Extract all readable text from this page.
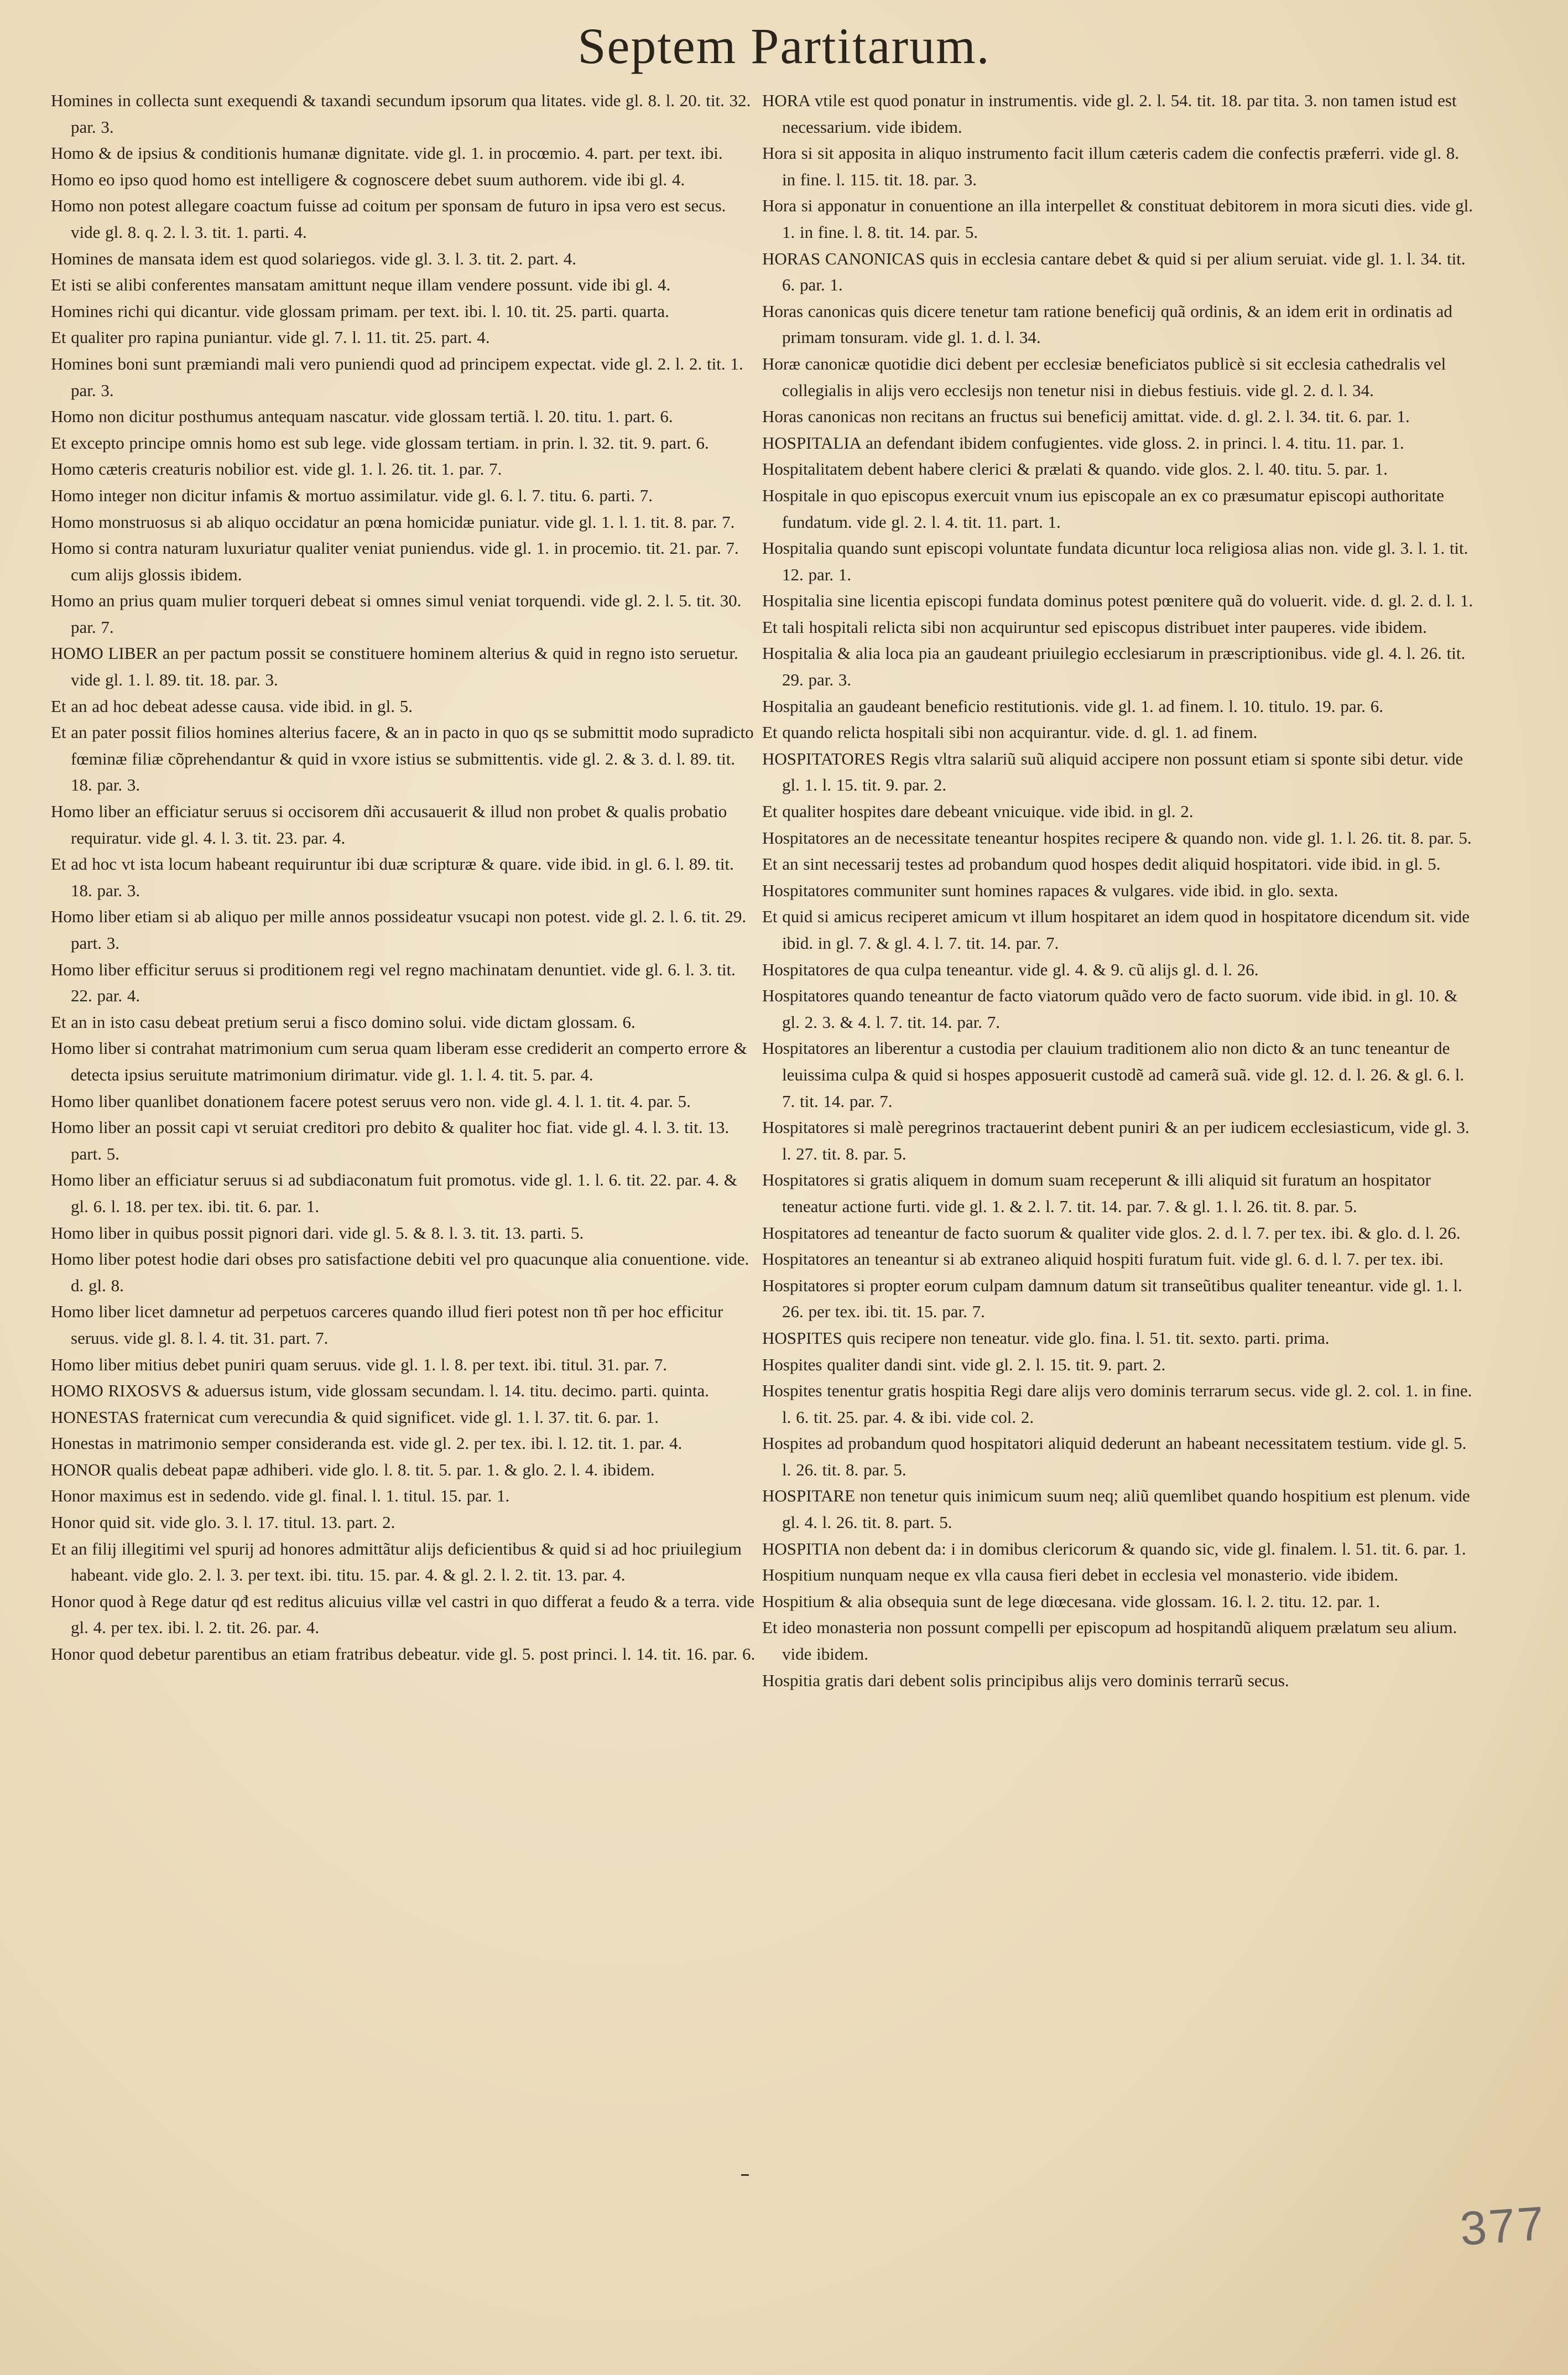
Septem Partitarum.

Homines in collecta sunt exequendi & taxandi secundum ipsorum qua litates. vide gl. 8. l. 20. tit. 32. par. 3.

Homo & de ipsius & conditionis humanæ dignitate. vide gl. 1. in procœmio. 4. part. per text. ibi.

Homo eo ipso quod homo est intelligere & cognoscere debet suum authorem. vide ibi gl. 4.

Homo non potest allegare coactum fuisse ad coitum per sponsam de futuro in ipsa vero est secus. vide gl. 8. q. 2. l. 3. tit. 1. parti. 4.

Homines de mansata idem est quod solariegos. vide gl. 3. l. 3. tit. 2. part. 4.

Et isti se alibi conferentes mansatam amittunt neque illam vendere possunt. vide ibi gl. 4.

Homines richi qui dicantur. vide glossam primam. per text. ibi. l. 10. tit. 25. parti. quarta.

Et qualiter pro rapina puniantur. vide gl. 7. l. 11. tit. 25. part. 4.

Homines boni sunt præmiandi mali vero puniendi quod ad principem expectat. vide gl. 2. l. 2. tit. 1. par. 3.

Homo non dicitur posthumus antequam nascatur. vide glossam tertiã. l. 20. titu. 1. part. 6.

Et excepto principe omnis homo est sub lege. vide glossam tertiam. in prin. l. 32. tit. 9. part. 6.

Homo cæteris creaturis nobilior est. vide gl. 1. l. 26. tit. 1. par. 7.

Homo integer non dicitur infamis & mortuo assimilatur. vide gl. 6. l. 7. titu. 6. parti. 7.

Homo monstruosus si ab aliquo occidatur an pœna homicidæ puniatur. vide gl. 1. l. 1. tit. 8. par. 7.

Homo si contra naturam luxuriatur qualiter veniat puniendus. vide gl. 1. in procemio. tit. 21. par. 7. cum alijs glossis ibidem.

Homo an prius quam mulier torqueri debeat si omnes simul veniat torquendi. vide gl. 2. l. 5. tit. 30. par. 7.

HOMO LIBER an per pactum possit se constituere hominem alterius & quid in regno isto seruetur. vide gl. 1. l. 89. tit. 18. par. 3.

Et an ad hoc debeat adesse causa. vide ibid. in gl. 5.

Et an pater possit filios homines alterius facere, & an in pacto in quo qs se submittit modo supradicto fœminæ filiæ cõprehendantur & quid in vxore istius se submittentis. vide gl. 2. & 3. d. l. 89. tit. 18. par. 3.

Homo liber an efficiatur seruus si occisorem dñi accusauerit & illud non probet & qualis probatio requiratur. vide gl. 4. l. 3. tit. 23. par. 4.

Et ad hoc vt ista locum habeant requiruntur ibi duæ scripturæ & quare. vide ibid. in gl. 6. l. 89. tit. 18. par. 3.

Homo liber etiam si ab aliquo per mille annos possideatur vsucapi non potest. vide gl. 2. l. 6. tit. 29. part. 3.

Homo liber efficitur seruus si proditionem regi vel regno machinatam denuntiet. vide gl. 6. l. 3. tit. 22. par. 4.

Et an in isto casu debeat pretium serui a fisco domino solui. vide dictam glossam. 6.

Homo liber si contrahat matrimonium cum serua quam liberam esse crediderit an comperto errore & detecta ipsius seruitute matrimonium dirimatur. vide gl. 1. l. 4. tit. 5. par. 4.

Homo liber quanlibet donationem facere potest seruus vero non. vide gl. 4. l. 1. tit. 4. par. 5.

Homo liber an possit capi vt seruiat creditori pro debito & qualiter hoc fiat. vide gl. 4. l. 3. tit. 13. part. 5.

Homo liber an efficiatur seruus si ad subdiaconatum fuit promotus. vide gl. 1. l. 6. tit. 22. par. 4. & gl. 6. l. 18. per tex. ibi. tit. 6. par. 1.

Homo liber in quibus possit pignori dari. vide gl. 5. & 8. l. 3. tit. 13. parti. 5.

Homo liber potest hodie dari obses pro satisfactione debiti vel pro quacunque alia conuentione. vide. d. gl. 8.

Homo liber licet damnetur ad perpetuos carceres quando illud fieri potest non tñ per hoc efficitur seruus. vide gl. 8. l. 4. tit. 31. part. 7.

Homo liber mitius debet puniri quam seruus. vide gl. 1. l. 8. per text. ibi. titul. 31. par. 7.

HOMO RIXOSVS & aduersus istum, vide glossam secundam. l. 14. titu. decimo. parti. quinta.

HONESTAS fraternicat cum verecundia & quid significet. vide gl. 1. l. 37. tit. 6. par. 1.

Honestas in matrimonio semper consideranda est. vide gl. 2. per tex. ibi. l. 12. tit. 1. par. 4.

HONOR qualis debeat papæ adhiberi. vide glo. l. 8. tit. 5. par. 1. & glo. 2. l. 4. ibidem.

Honor maximus est in sedendo. vide gl. final. l. 1. titul. 15. par. 1.

Honor quid sit. vide glo. 3. l. 17. titul. 13. part. 2.

Et an filij illegitimi vel spurij ad honores admittãtur alijs deficientibus & quid si ad hoc priuilegium habeant. vide glo. 2. l. 3. per text. ibi. titu. 15. par. 4. & gl. 2. l. 2. tit. 13. par. 4.

Honor quod à Rege datur qđ est reditus alicuius villæ vel castri in quo differat a feudo & a terra. vide gl. 4. per tex. ibi. l. 2. tit. 26. par. 4.

Honor quod debetur parentibus an etiam fratribus debeatur. vide gl. 5. post princi. l. 14. tit. 16. par. 6.

HORA vtile est quod ponatur in instrumentis. vide gl. 2. l. 54. tit. 18. par tita. 3. non tamen istud est necessarium. vide ibidem.

Hora si sit apposita in aliquo instrumento facit illum cæteris cadem die confectis præferri. vide gl. 8. in fine. l. 115. tit. 18. par. 3.

Hora si apponatur in conuentione an illa interpellet & constituat debitorem in mora sicuti dies. vide gl. 1. in fine. l. 8. tit. 14. par. 5.

HORAS CANONICAS quis in ecclesia cantare debet & quid si per alium seruiat. vide gl. 1. l. 34. tit. 6. par. 1.

Horas canonicas quis dicere tenetur tam ratione beneficij quã ordinis, & an idem erit in ordinatis ad primam tonsuram. vide gl. 1. d. l. 34.

Horæ canonicæ quotidie dici debent per ecclesiæ beneficiatos publicè si sit ecclesia cathedralis vel collegialis in alijs vero ecclesijs non tenetur nisi in diebus festiuis. vide gl. 2. d. l. 34.

Horas canonicas non recitans an fructus sui beneficij amittat. vide. d. gl. 2. l. 34. tit. 6. par. 1.

HOSPITALIA an defendant ibidem confugientes. vide gloss. 2. in princi. l. 4. titu. 11. par. 1.

Hospitalitatem debent habere clerici & prælati & quando. vide glos. 2. l. 40. titu. 5. par. 1.

Hospitale in quo episcopus exercuit vnum ius episcopale an ex co præsumatur episcopi authoritate fundatum. vide gl. 2. l. 4. tit. 11. part. 1.

Hospitalia quando sunt episcopi voluntate fundata dicuntur loca religiosa alias non. vide gl. 3. l. 1. tit. 12. par. 1.

Hospitalia sine licentia episcopi fundata dominus potest pœnitere quã do voluerit. vide. d. gl. 2. d. l. 1.

Et tali hospitali relicta sibi non acquiruntur sed episcopus distribuet inter pauperes. vide ibidem.

Hospitalia & alia loca pia an gaudeant priuilegio ecclesiarum in præscriptionibus. vide gl. 4. l. 26. tit. 29. par. 3.

Hospitalia an gaudeant beneficio restitutionis. vide gl. 1. ad finem. l. 10. titulo. 19. par. 6.

Et quando relicta hospitali sibi non acquirantur. vide. d. gl. 1. ad finem.

HOSPITATORES Regis vltra salariũ suũ aliquid accipere non possunt etiam si sponte sibi detur. vide gl. 1. l. 15. tit. 9. par. 2.

Et qualiter hospites dare debeant vnicuique. vide ibid. in gl. 2.

Hospitatores an de necessitate teneantur hospites recipere & quando non. vide gl. 1. l. 26. tit. 8. par. 5.

Et an sint necessarij testes ad probandum quod hospes dedit aliquid hospitatori. vide ibid. in gl. 5.

Hospitatores communiter sunt homines rapaces & vulgares. vide ibid. in glo. sexta.

Et quid si amicus reciperet amicum vt illum hospitaret an idem quod in hospitatore dicendum sit. vide ibid. in gl. 7. & gl. 4. l. 7. tit. 14. par. 7.

Hospitatores de qua culpa teneantur. vide gl. 4. & 9. cũ alijs gl. d. l. 26.

Hospitatores quando teneantur de facto viatorum quãdo vero de facto suorum. vide ibid. in gl. 10. & gl. 2. 3. & 4. l. 7. tit. 14. par. 7.

Hospitatores an liberentur a custodia per clauium traditionem alio non dicto & an tunc teneantur de leuissima culpa & quid si hospes apposuerit custodẽ ad camerã suã. vide gl. 12. d. l. 26. & gl. 6. l. 7. tit. 14. par. 7.

Hospitatores si malè peregrinos tractauerint debent puniri & an per iudicem ecclesiasticum, vide gl. 3. l. 27. tit. 8. par. 5.

Hospitatores si gratis aliquem in domum suam receperunt & illi aliquid sit furatum an hospitator teneatur actione furti. vide gl. 1. & 2. l. 7. tit. 14. par. 7. & gl. 1. l. 26. tit. 8. par. 5.

Hospitatores ad teneantur de facto suorum & qualiter vide glos. 2. d. l. 7. per tex. ibi. & glo. d. l. 26.

Hospitatores an teneantur si ab extraneo aliquid hospiti furatum fuit. vide gl. 6. d. l. 7. per tex. ibi.

Hospitatores si propter eorum culpam damnum datum sit transeũtibus qualiter teneantur. vide gl. 1. l. 26. per tex. ibi. tit. 15. par. 7.

HOSPITES quis recipere non teneatur. vide glo. fina. l. 51. tit. sexto. parti. prima.

Hospites qualiter dandi sint. vide gl. 2. l. 15. tit. 9. part. 2.

Hospites tenentur gratis hospitia Regi dare alijs vero dominis terrarum secus. vide gl. 2. col. 1. in fine. l. 6. tit. 25. par. 4. & ibi. vide col. 2.

Hospites ad probandum quod hospitatori aliquid dederunt an habeant necessitatem testium. vide gl. 5. l. 26. tit. 8. par. 5.

HOSPITARE non tenetur quis inimicum suum neq; aliũ quemlibet quando hospitium est plenum. vide gl. 4. l. 26. tit. 8. part. 5.

HOSPITIA non debent da: i in domibus clericorum & quando sic, vide gl. finalem. l. 51. tit. 6. par. 1.

Hospitium nunquam neque ex vlla causa fieri debet in ecclesia vel monasterio. vide ibidem.

Hospitium & alia obsequia sunt de lege diœcesana. vide glossam. 16. l. 2. titu. 12. par. 1.

Et ideo monasteria non possunt compelli per episcopum ad hospitandũ aliquem prælatum seu alium. vide ibidem.

Hospitia gratis dari debent solis principibus alijs vero dominis terrarũ secus.

377
